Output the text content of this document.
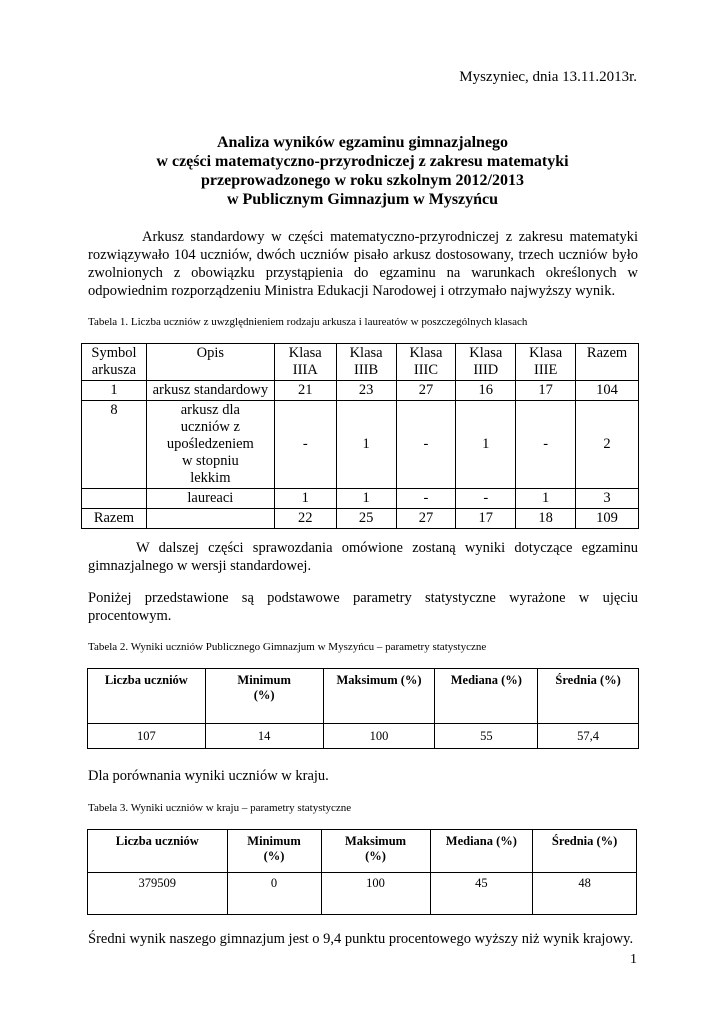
Myszyniec, dnia 13.11.2013r.
Analiza wyników egzaminu gimnazjalnego
w części matematyczno-przyrodniczej z zakresu matematyki
przeprowadzonego w roku szkolnym 2012/2013
w Publicznym Gimnazjum w Myszyńcu
Arkusz standardowy w części matematyczno-przyrodniczej z zakresu matematyki rozwiązywało 104 uczniów, dwóch uczniów pisało arkusz dostosowany, trzech uczniów było zwolnionych z obowiązku przystąpienia do egzaminu na warunkach określonych w odpowiednim rozporządzeniu Ministra Edukacji Narodowej i otrzymało najwyższy wynik.
Tabela 1. Liczba uczniów z uwzględnieniem rodzaju arkusza i laureatów w poszczególnych klasach
Symbol arkusza	Opis	Klasa IIIA	Klasa IIIB	Klasa IIIC	Klasa IIID	Klasa IIIE	Razem
1	arkusz standardowy	21	23	27	16	17	104
8	arkusz dla uczniów z upośledzeniem w stopniu lekkim	-	1	-	1	-	2
	laureaci	1	1	-	-	1	3
Razem		22	25	27	17	18	109
W dalszej części sprawozdania omówione zostaną wyniki dotyczące egzaminu gimnazjalnego w wersji standardowej.
Poniżej przedstawione są podstawowe parametry statystyczne wyrażone w ujęciu procentowym.
Tabela 2. Wyniki uczniów Publicznego Gimnazjum w Myszyńcu – parametry statystyczne
Liczba uczniów	Minimum (%)	Maksimum (%)	Mediana (%)	Średnia (%)
107	14	100	55	57,4
Dla porównania wyniki uczniów w kraju.
Tabela 3. Wyniki uczniów w kraju – parametry statystyczne
Liczba uczniów	Minimum (%)	Maksimum (%)	Mediana (%)	Średnia (%)
379509	0	100	45	48
Średni wynik naszego gimnazjum jest o 9,4 punktu procentowego wyższy niż wynik krajowy.
1
